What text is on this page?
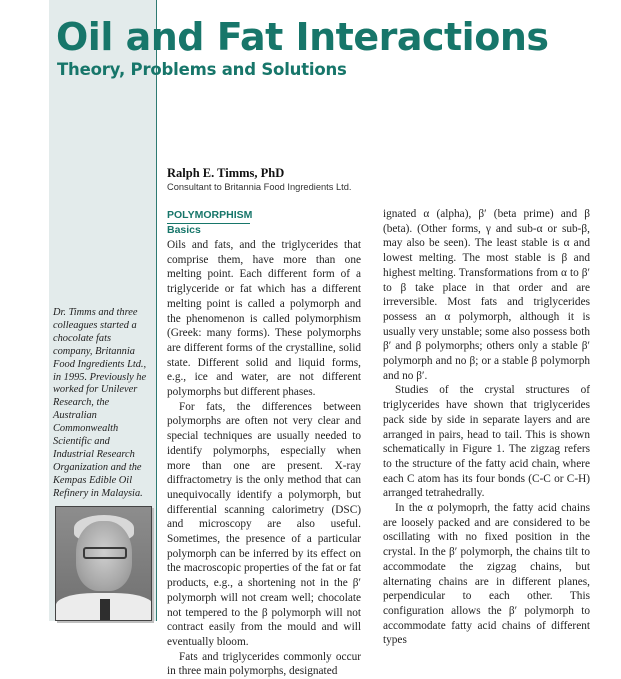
Oil and Fat Interactions
Theory, Problems and Solutions
Ralph E. Timms, PhD
Consultant to Britannia Food Ingredients Ltd.
POLYMORPHISM
Basics

Oils and fats, and the triglycerides that comprise them, have more than one melting point. Each different form of a triglyceride or fat which has a different melting point is called a polymorph and the phenomenon is called polymorphism (Greek: many forms). These polymorphs are different forms of the crystalline, solid state. Different solid and liquid forms, e.g., ice and water, are not different polymorphs but different phases.

For fats, the differences between polymorphs are often not very clear and special techniques are usually needed to identify polymorphs, especially when more than one are present. X-ray diffractometry is the only method that can unequivocally identify a polymorph, but differential scanning calorimetry (DSC) and microscopy are also useful. Sometimes, the presence of a particular polymorph can be inferred by its effect on the macroscopic properties of the fat or fat products, e.g., a shortening not in the β′ polymorph will not cream well; chocolate not tempered to the β polymorph will not contract easily from the mould and will eventually bloom.

Fats and triglycerides commonly occur in three main polymorphs, designated

ignated α (alpha), β′ (beta prime) and β (beta). (Other forms, γ and sub-α or sub-β, may also be seen). The least stable is α and lowest melting. The most stable is β and highest melting. Transformations from α to β′ to β take place in that order and are irreversible. Most fats and triglycerides possess an α polymorph, although it is usually very unstable; some also possess both β′ and β polymorphs; others only a stable β′ polymorph and no β; or a stable β polymorph and no β′.

Studies of the crystal structures of triglycerides have shown that triglycerides pack side by side in separate layers and are arranged in pairs, head to tail. This is shown schematically in Figure 1. The zigzag refers to the structure of the fatty acid chain, where each C atom has its four bonds (C-C or C-H) arranged tetrahedrally.

In the α polymoprh, the fatty acid chains are loosely packed and are considered to be oscillating with no fixed position in the crystal. In the β′ polymorph, the chains tilt to accommodate the zigzag chains, but alternating chains are in different planes, perpendicular to each other. This configuration allows the β′ polymorph to accommodate fatty acid chains of different types

Dr. Timms and three colleagues started a chocolate fats company, Britannia Food Ingredients Ltd., in 1995. Previously he worked for Unilever Research, the Australian Commonwealth Scientific and Industrial Research Organization and the Kempas Edible Oil Refinery in Malaysia.
